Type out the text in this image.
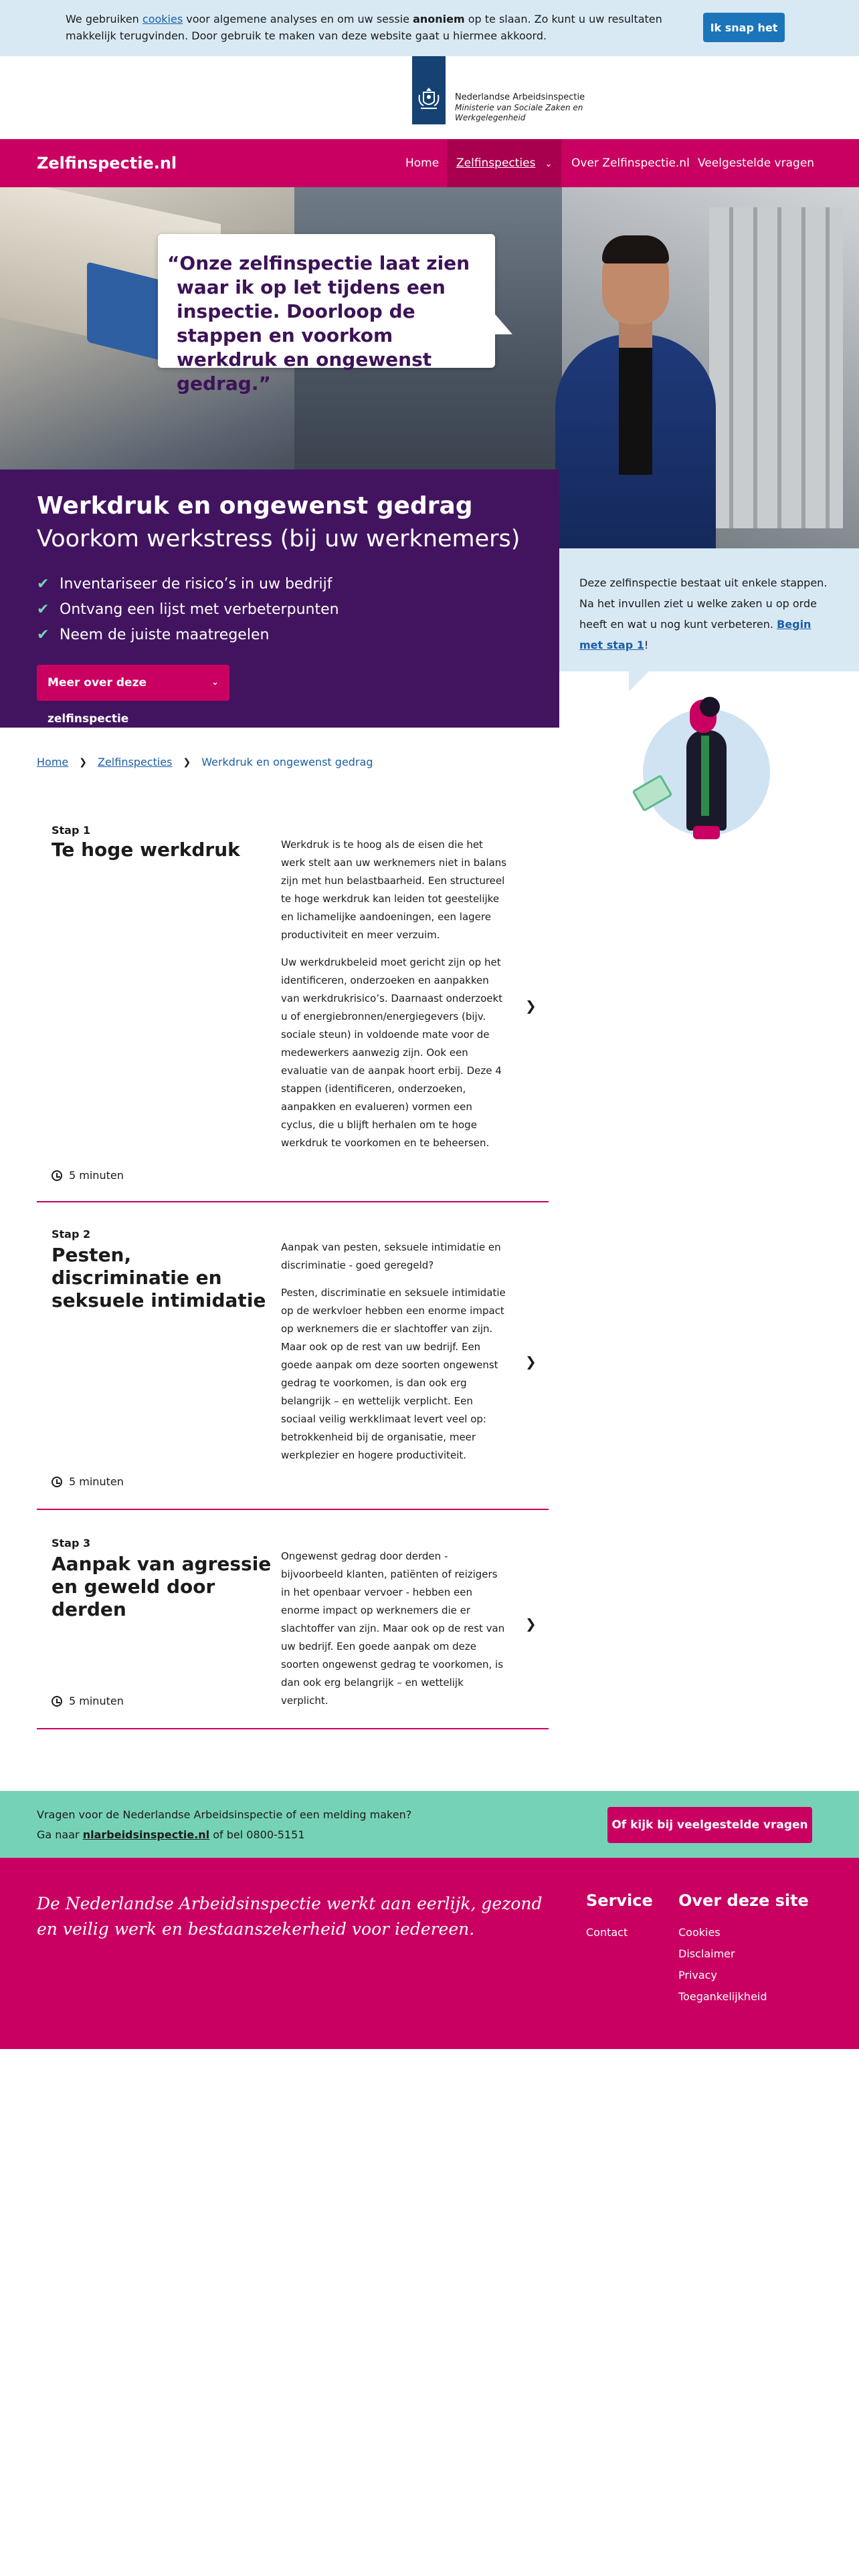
We gebruiken cookies voor algemene analyses en om uw sessie anoniem op te slaan. Zo kunt u uw resultaten makkelijk terugvinden. Door gebruik te maken van deze website gaat u hiermee akkoord.

Ik snap het
Nederlandse Arbeidsinspectie
Ministerie van Sociale Zaken en Werkgelegenheid
Zelfinspectie.nl	Home	Zelfinspecties ⌄	Over Zelfinspectie.nl Veelgestelde vragen

“Onze zelfinspectie laat zien waar ik op let tijdens een inspectie. Doorloop de stappen en voorkom werkdruk en ongewenst gedrag.”

Werkdruk en ongewenst gedrag
Voorkom werkstress (bij uw werknemers)
✔ Inventariseer de risico’s in uw bedrijf
✔ Ontvang een lijst met verbeterpunten
✔ Neem de juiste maatregelen
Meer over deze zelfinspectie
⌄

Deze zelfinspectie bestaat uit enkele stappen. Na het invullen ziet u welke zaken u op orde heeft en wat u nog kunt verbeteren. Begin met stap 1!

Home ❯ Zelfinspecties ❯ Werkdruk en ongewenst gedrag
Stap 1
Te hoge werkdruk	Werkdruk is te hoog als de eisen die het werk stelt aan uw werknemers niet in balans zijn met hun belastbaarheid. Een structureel te hoge werkdruk kan leiden tot geestelijke en lichamelijke aandoeningen, een lagere productiviteit en meer verzuim.

Uw werkdrukbeleid moet gericht zijn op het identificeren, onderzoeken en aanpakken van werkdrukrisico’s. Daarnaast onderzoekt u of energiebronnen/energiegevers (bijv. sociale steun) in voldoende mate voor de medewerkers aanwezig zijn. Ook een evaluatie van de aanpak hoort erbij. Deze 4 stappen (identificeren, onderzoeken, aanpakken en evalueren) vormen een cyclus, die u blijft herhalen om te hoge werkdruk te voorkomen en te beheersen.

5 minuten
❯
Stap 2
Pesten, discriminatie en seksuele intimidatie

Aanpak van pesten, seksuele intimidatie en discriminatie - goed geregeld?

Pesten, discriminatie en seksuele intimidatie op de werkvloer hebben een enorme impact op werknemers die er slachtoffer van zijn. Maar ook op de rest van uw bedrijf. Een goede aanpak om deze soorten ongewenst gedrag te voorkomen, is dan ook erg belangrijk – en wettelijk verplicht. Een sociaal veilig werkklimaat levert veel op: betrokkenheid bij de organisatie, meer werkplezier en hogere productiviteit.

5 minuten
❯
Stap 3
Aanpak van agressie en geweld door derden

Ongewenst gedrag door derden - bijvoorbeeld klanten, patiënten of reizigers in het openbaar vervoer - hebben een enorme impact op werknemers die er slachtoffer van zijn. Maar ook op de rest van uw bedrijf. Een goede aanpak om deze soorten ongewenst gedrag te voorkomen, is dan ook erg belangrijk – en wettelijk verplicht.

5 minuten
❯
Vragen voor de Nederlandse Arbeidsinspectie of een melding maken?
Ga naar nlarbeidsinspectie.nl of bel 0800-5151
Of kijk bij veelgestelde vragen

De Nederlandse Arbeidsinspectie werkt aan eerlijk, gezond en veilig werk en bestaanszekerheid voor iedereen.

Service
Contact
Over deze site
Cookies
Disclaimer
Privacy
Toegankelijkheid
